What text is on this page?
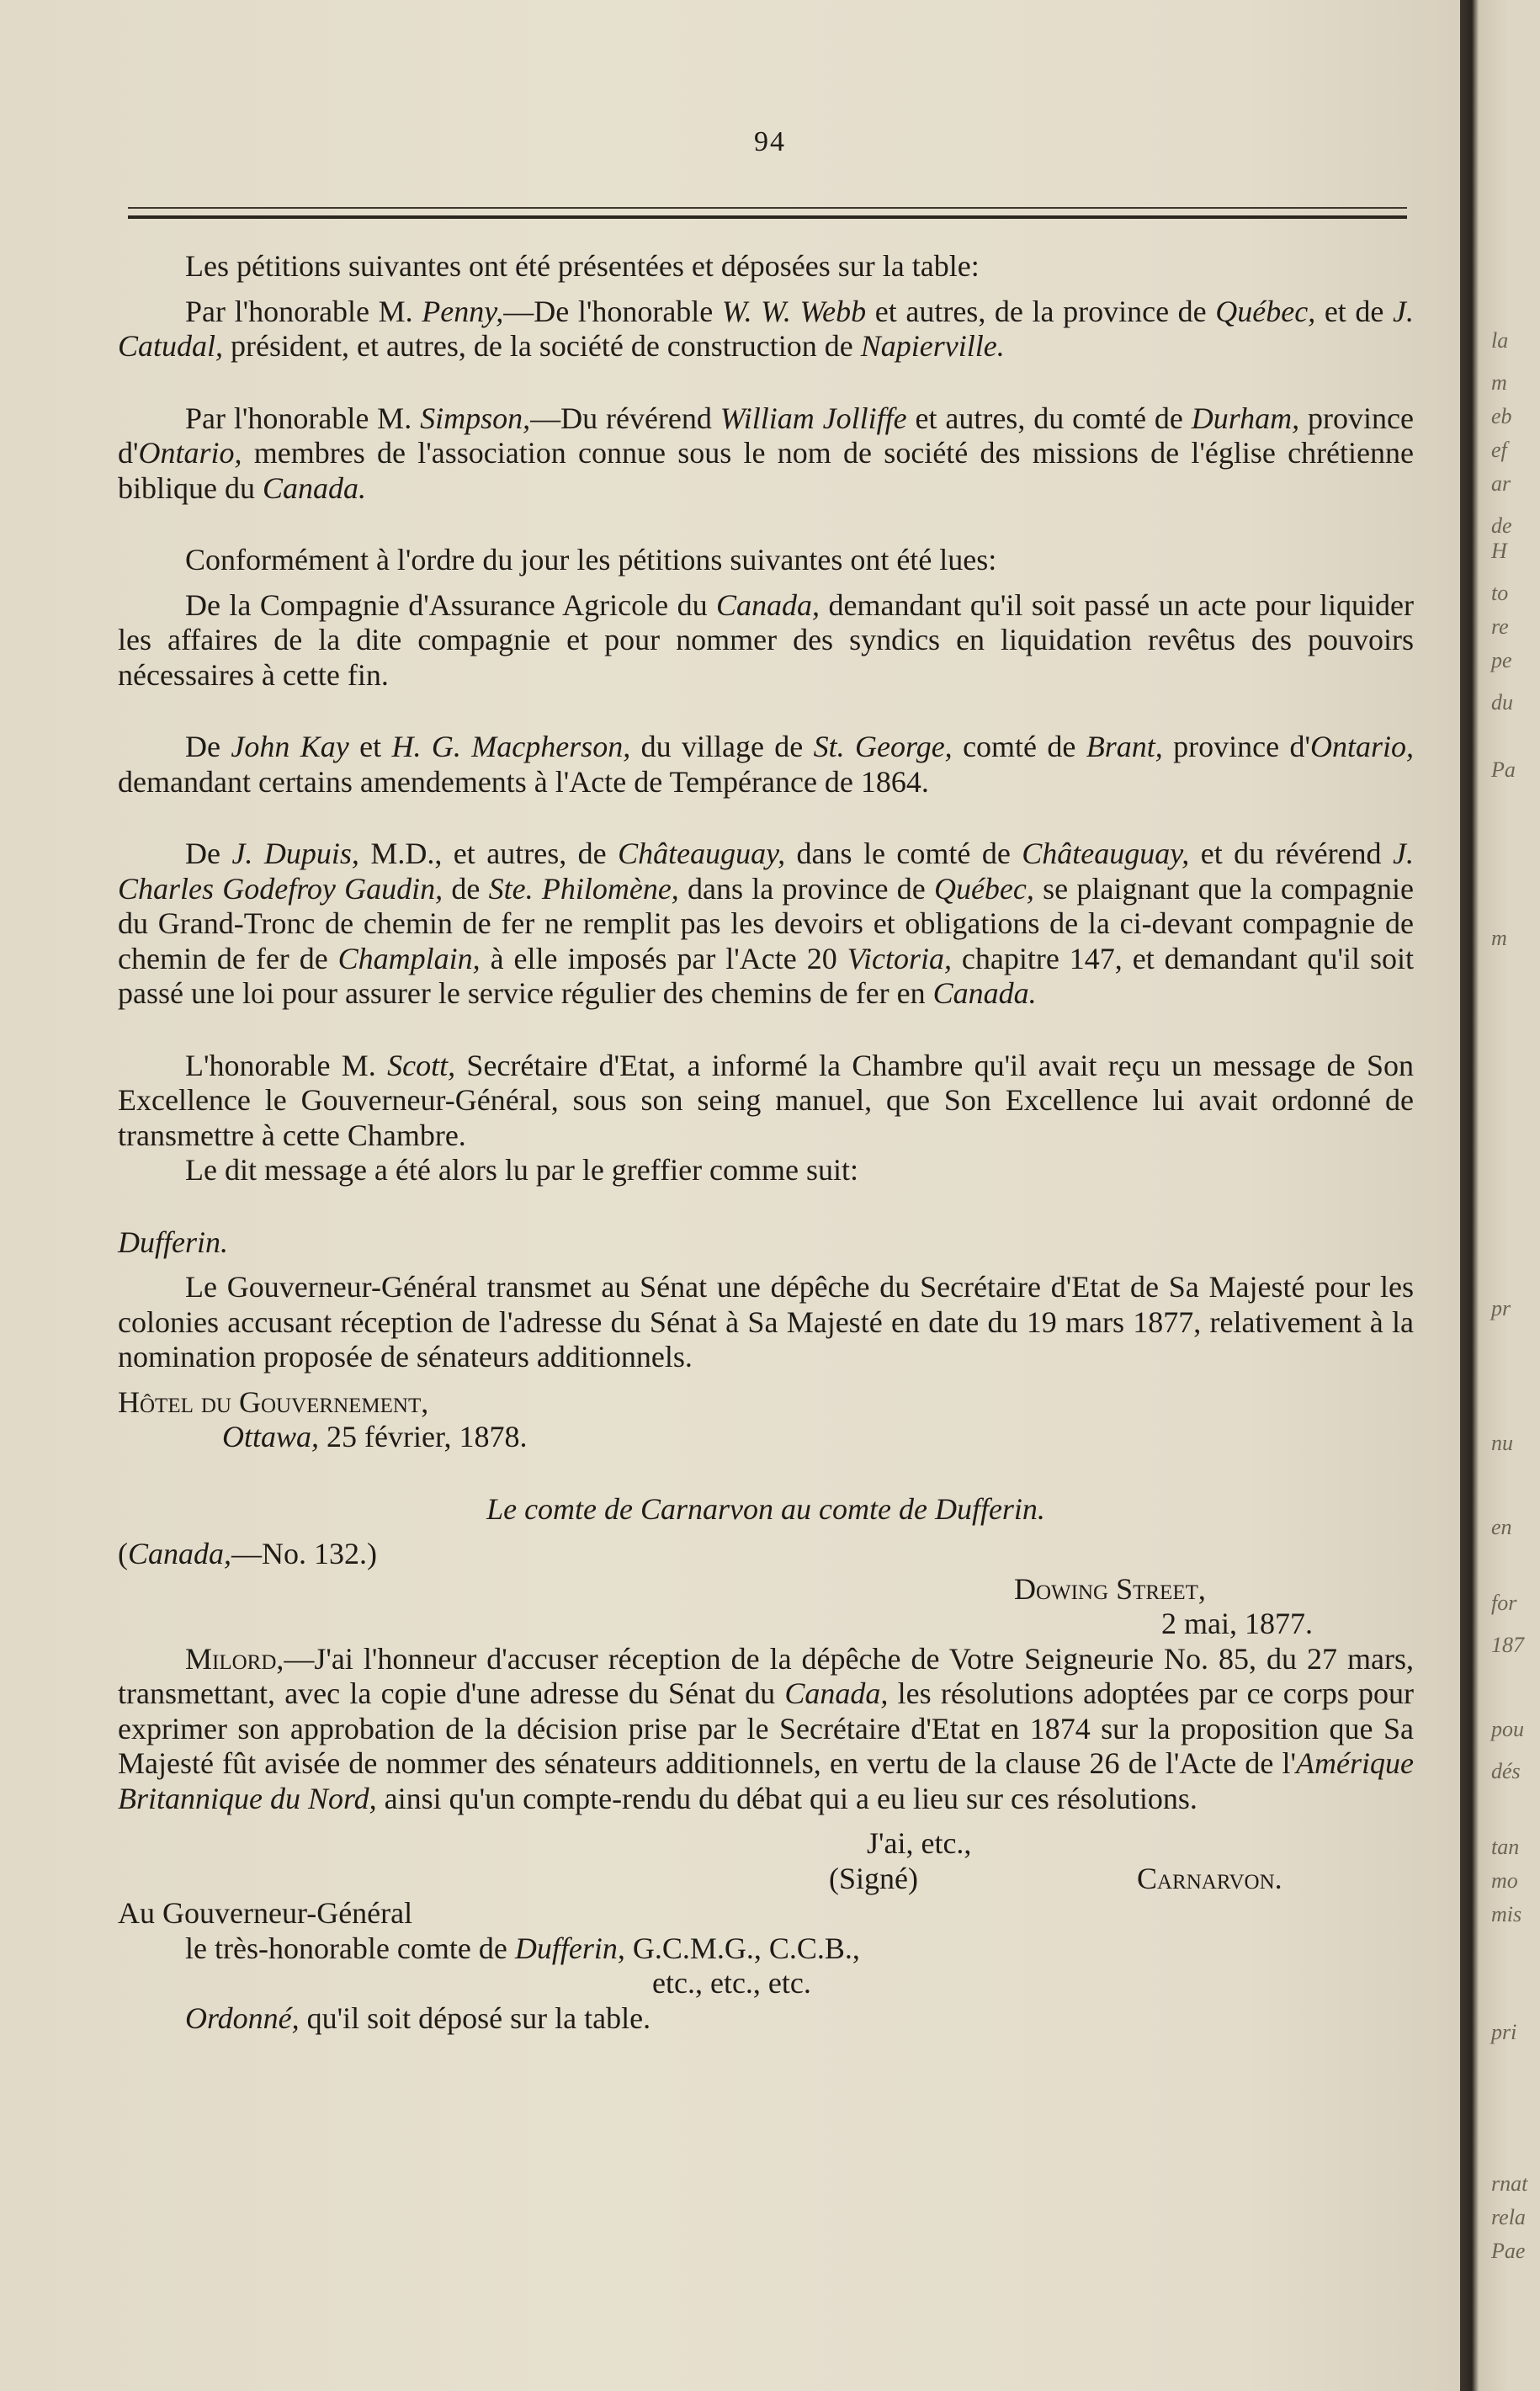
94

Les pétitions suivantes ont été présentées et déposées sur la table:

Par l'honorable M. Penny,—De l'honorable W. W. Webb et autres, de la province de Québec, et de J. Catudal, président, et autres, de la société de construction de Napierville.

Par l'honorable M. Simpson,—Du révérend William Jolliffe et autres, du comté de Durham, province d'Ontario, membres de l'association connue sous le nom de société des missions de l'église chrétienne biblique du Canada.

Conformément à l'ordre du jour les pétitions suivantes ont été lues:

De la Compagnie d'Assurance Agricole du Canada, demandant qu'il soit passé un acte pour liquider les affaires de la dite compagnie et pour nommer des syndics en liquidation revêtus des pouvoirs nécessaires à cette fin.

De John Kay et H. G. Macpherson, du village de St. George, comté de Brant, province d'Ontario, demandant certains amendements à l'Acte de Tempérance de 1864.

De J. Dupuis, M.D., et autres, de Châteauguay, dans le comté de Châteauguay, et du révérend J. Charles Godefroy Gaudin, de Ste. Philomène, dans la province de Québec, se plaignant que la compagnie du Grand-Tronc de chemin de fer ne remplit pas les devoirs et obligations de la ci-devant compagnie de chemin de fer de Champlain, à elle imposés par l'Acte 20 Victoria, chapitre 147, et demandant qu'il soit passé une loi pour assurer le service régulier des chemins de fer en Canada.

L'honorable M. Scott, Secrétaire d'Etat, a informé la Chambre qu'il avait reçu un message de Son Excellence le Gouverneur-Général, sous son seing manuel, que Son Excellence lui avait ordonné de transmettre à cette Chambre.

Le dit message a été alors lu par le greffier comme suit:

Dufferin.

Le Gouverneur-Général transmet au Sénat une dépêche du Secrétaire d'Etat de Sa Majesté pour les colonies accusant réception de l'adresse du Sénat à Sa Majesté en date du 19 mars 1877, relativement à la nomination proposée de sénateurs additionnels.

Hôtel du Gouvernement,

Ottawa, 25 février, 1878.

Le comte de Carnarvon au comte de Dufferin.

(Canada,—No. 132.)

Dowing Street,

2 mai, 1877.

Milord,—J'ai l'honneur d'accuser réception de la dépêche de Votre Seigneurie No. 85, du 27 mars, transmettant, avec la copie d'une adresse du Sénat du Canada, les résolutions adoptées par ce corps pour exprimer son approbation de la décision prise par le Secrétaire d'Etat en 1874 sur la proposition que Sa Majesté fût avisée de nommer des sénateurs additionnels, en vertu de la clause 26 de l'Acte de l'Amérique Britannique du Nord, ainsi qu'un compte-rendu du débat qui a eu lieu sur ces résolutions.

J'ai, etc.,

(Signé)	Carnarvon.

Au Gouverneur-Général

le très-honorable comte de Dufferin, G.C.M.G., C.C.B.,

etc., etc., etc.

Ordonné, qu'il soit déposé sur la table.

la
m
eb
ef
ar
de
H
to
re
pe
du
Pa
m
pr
nu
en
for
187
pou
dés
tan
mo
mis
pri
rnat
rela
Pae
